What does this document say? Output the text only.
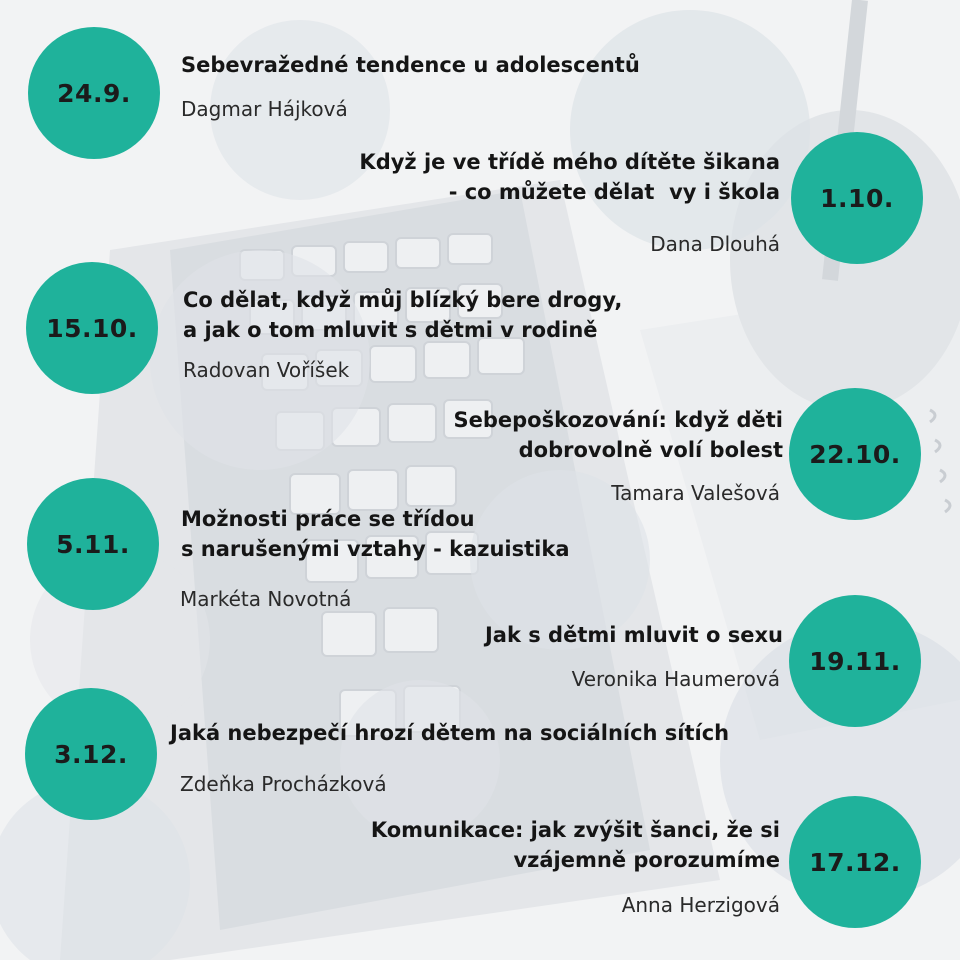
24.9.
Sebevražedné tendence u adolescentů
Dagmar Hájková
1.10.
Když je ve třídě mého dítěte šikana
- co můžete dělat  vy i škola
Dana Dlouhá
15.10.
Co dělat, když můj blízký bere drogy,
a jak o tom mluvit s dětmi v rodině
Radovan Voříšek
22.10.
Sebepoškozování: když děti
dobrovolně volí bolest
Tamara Valešová
5.11.
Možnosti práce se třídou
s narušenými vztahy - kazuistika
Markéta Novotná
19.11.
Jak s dětmi mluvit o sexu
Veronika Haumerová
3.12.
Jaká nebezpečí hrozí dětem na sociálních sítích
Zdeňka Procházková
17.12.
Komunikace: jak zvýšit šanci, že si
vzájemně porozumíme
Anna Herzigová
